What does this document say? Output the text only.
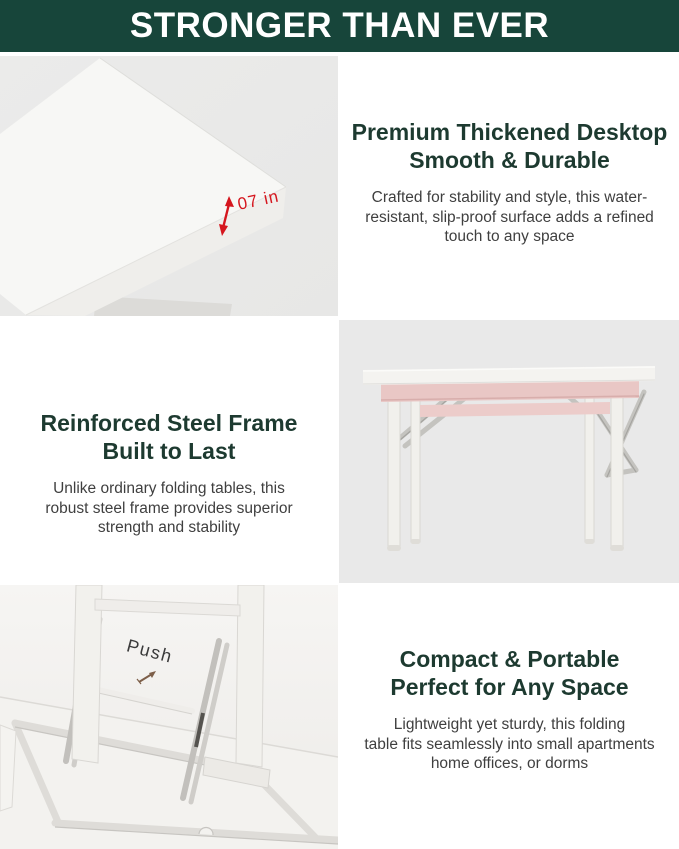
STRONGER THAN EVER
07 in
Premium Thickened Desktop
Smooth & Durable

Crafted for stability and style, this water-
resistant, slip-proof surface adds a refined
touch to any space

Reinforced Steel Frame
Built to Last

Unlike ordinary folding tables, this
robust steel frame provides superior
strength and stability

Push	Compact & Portable
Perfect for Any Space

Lightweight yet sturdy, this folding
table fits seamlessly into small apartments
home offices, or dorms
